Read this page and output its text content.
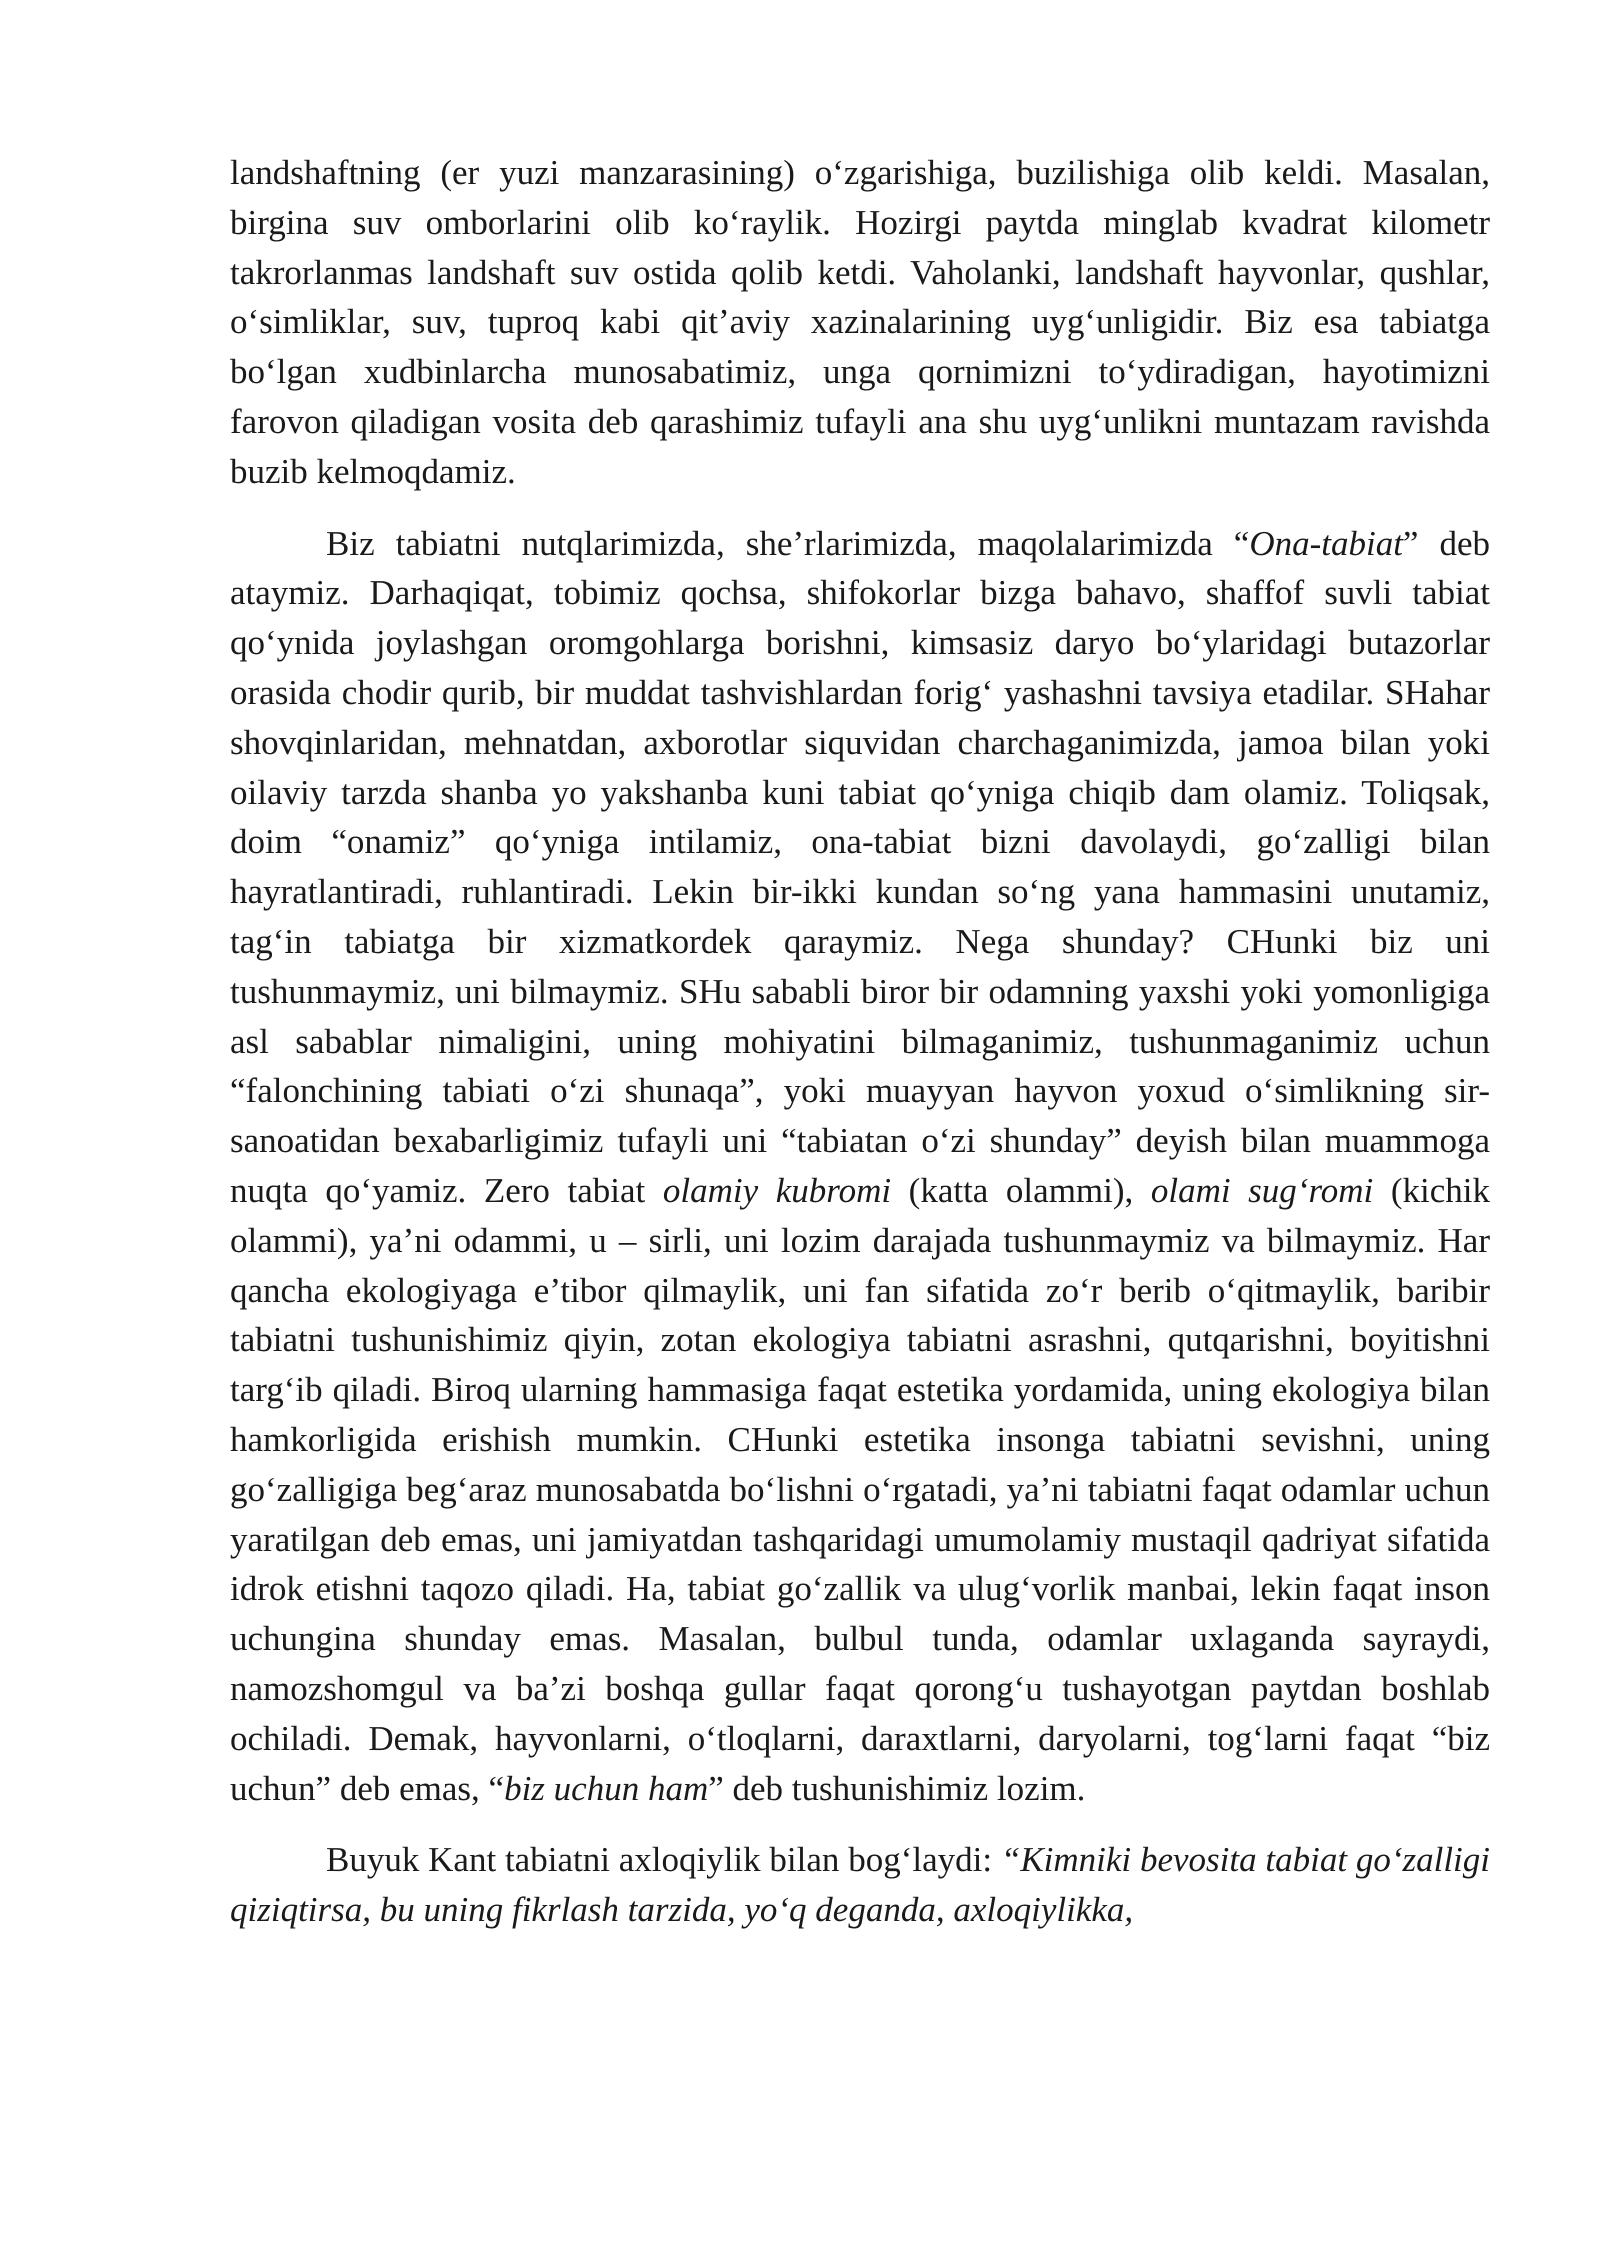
landshaftning (er yuzi manzarasining) o‘zgarishiga, buzilishiga olib keldi. Masalan, birgina suv omborlarini olib ko‘raylik. Hozirgi paytda minglab kvadrat kilometr takrorlanmas landshaft suv ostida qolib ketdi. Vaholanki, landshaft hayvonlar, qushlar, o‘simliklar, suv, tuproq kabi qit’aviy xazinalarining uyg‘unligidir. Biz esa tabiatga bo‘lgan xudbinlarcha munosabatimiz, unga qornimizni to‘ydiradigan, hayotimizni farovon qiladigan vosita deb qarashimiz tufayli ana shu uyg‘unlikni muntazam ravishda buzib kelmoqdamiz.

Biz tabiatni nutqlarimizda, she’rlarimizda, maqolalarimizda “Ona-tabiat” deb ataymiz. Darhaqiqat, tobimiz qochsa, shifokorlar bizga bahavo, shaffof suvli tabiat qo‘ynida joylashgan oromgohlarga borishni, kimsasiz daryo bo‘ylaridagi butazorlar orasida chodir qurib, bir muddat tashvishlardan forig‘ yashashni tavsiya etadilar. SHahar shovqinlaridan, mehnatdan, axborotlar siquvidan charchaganimizda, jamoa bilan yoki oilaviy tarzda shanba yo yakshanba kuni tabiat qo‘yniga chiqib dam olamiz. Toliqsak, doim “onamiz” qo‘yniga intilamiz, ona-tabiat bizni davolaydi, go‘zalligi bilan hayratlantiradi, ruhlantiradi. Lekin bir-ikki kundan so‘ng yana hammasini unutamiz, tag‘in tabiatga bir xizmatkordek qaraymiz. Nega shunday? CHunki biz uni tushunmaymiz, uni bilmaymiz. SHu sababli biror bir odamning yaxshi yoki yomonligiga asl sabablar nimaligini, uning mohiyatini bilmaganimiz, tushunmaganimiz uchun “falonchining tabiati o‘zi shunaqa”, yoki muayyan hayvon yoxud o‘simlikning sir-sanoatidan bexabarligimiz tufayli uni “tabiatan o‘zi shunday” deyish bilan muammoga nuqta qo‘yamiz. Zero tabiat olamiy kubromi (katta olammi), olami sug‘romi (kichik olammi), ya’ni odammi, u – sirli, uni lozim darajada tushunmaymiz va bilmaymiz. Har qancha ekologiyaga e’tibor qilmaylik, uni fan sifatida zo‘r berib o‘qitmaylik, baribir tabiatni tushunishimiz qiyin, zotan ekologiya tabiatni asrashni, qutqarishni, boyitishni targ‘ib qiladi. Biroq ularning hammasiga faqat estetika yordamida, uning ekologiya bilan hamkorligida erishish mumkin. CHunki estetika insonga tabiatni sevishni, uning go‘zalligiga beg‘araz munosabatda bo‘lishni o‘rgatadi, ya’ni tabiatni faqat odamlar uchun yaratilgan deb emas, uni jamiyatdan tashqaridagi umumolamiy mustaqil qadriyat sifatida idrok etishni taqozo qiladi. Ha, tabiat go‘zallik va ulug‘vorlik manbai, lekin faqat inson uchungina shunday emas. Masalan, bulbul tunda, odamlar uxlaganda sayraydi, namozshomgul va ba’zi boshqa gullar faqat qorong‘u tushayotgan paytdan boshlab ochiladi. Demak, hayvonlarni, o‘tloqlarni, daraxtlarni, daryolarni, tog‘larni faqat “biz uchun” deb emas, “biz uchun ham” deb tushunishimiz lozim.

Buyuk Kant tabiatni axloqiylik bilan bog‘laydi: “Kimniki bevosita tabiat go‘zalligi qiziqtirsa, bu uning fikrlash tarzida, yo‘q deganda, axloqiylikka,
